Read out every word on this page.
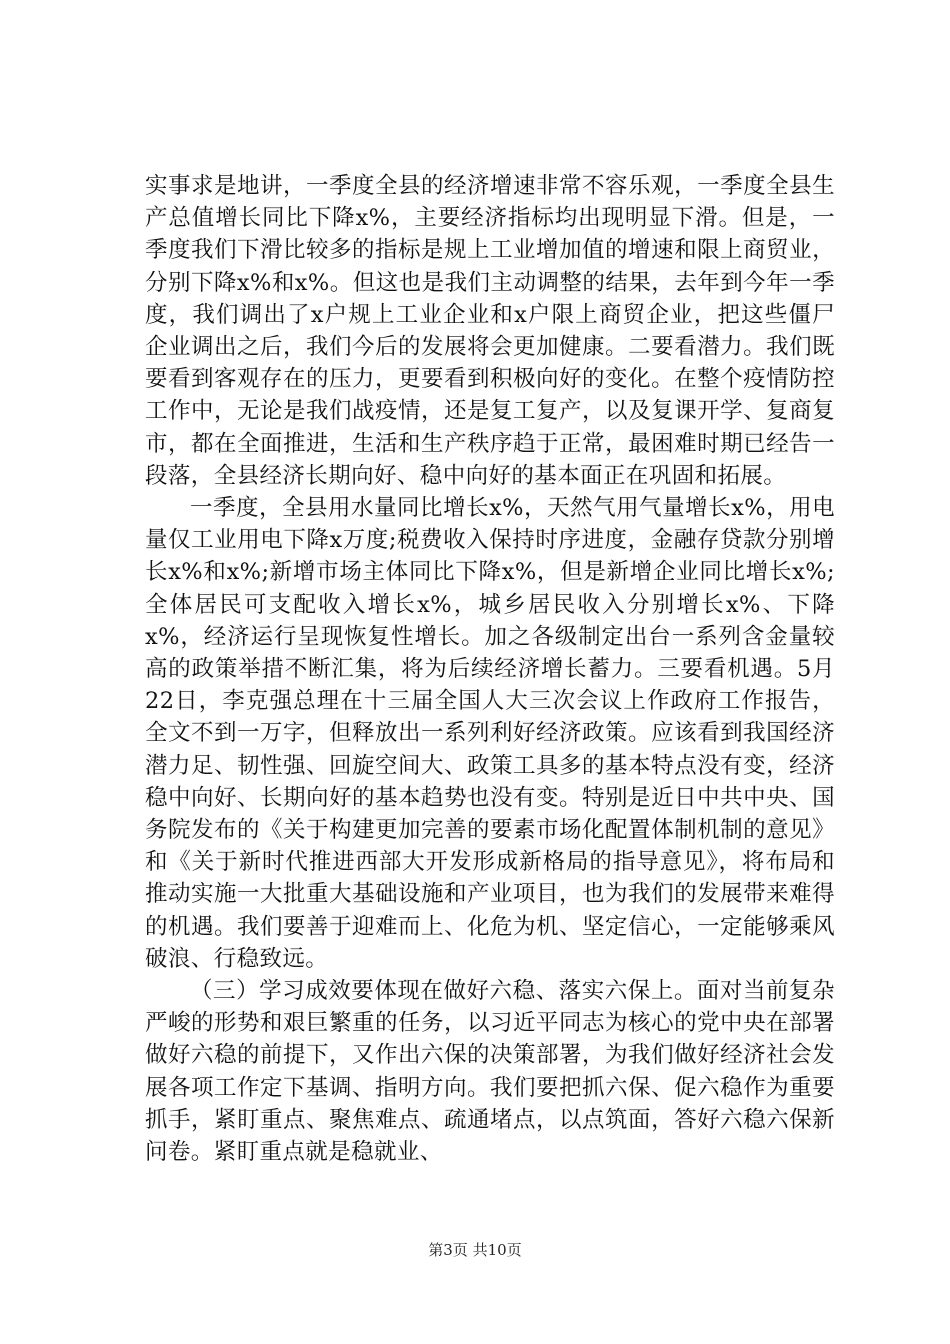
实事求是地讲，一季度全县的经济增速非常不容乐观，一季度全县生产总值增长同比下降x%，主要经济指标均出现明显下滑。但是，一季度我们下滑比较多的指标是规上工业增加值的增速和限上商贸业，分别下降x%和x%。但这也是我们主动调整的结果，去年到今年一季度，我们调出了x户规上工业企业和x户限上商贸企业，把这些僵尸企业调出之后，我们今后的发展将会更加健康。二要看潜力。我们既要看到客观存在的压力，更要看到积极向好的变化。在整个疫情防控工作中，无论是我们战疫情，还是复工复产，以及复课开学、复商复市，都在全面推进，生活和生产秩序趋于正常，最困难时期已经告一段落，全县经济长期向好、稳中向好的基本面正在巩固和拓展。

一季度，全县用水量同比增长x%，天然气用气量增长x%，用电量仅工业用电下降x万度;税费收入保持时序进度，金融存贷款分别增长x%和x%;新增市场主体同比下降x%，但是新增企业同比增长x%;全体居民可支配收入增长x%，城乡居民收入分别增长x%、下降x%，经济运行呈现恢复性增长。加之各级制定出台一系列含金量较高的政策举措不断汇集，将为后续经济增长蓄力。三要看机遇。5月22日，李克强总理在十三届全国人大三次会议上作政府工作报告，全文不到一万字，但释放出一系列利好经济政策。应该看到我国经济潜力足、韧性强、回旋空间大、政策工具多的基本特点没有变，经济稳中向好、长期向好的基本趋势也没有变。特别是近日中共中央、国务院发布的《关于构建更加完善的要素市场化配置体制机制的意见》和《关于新时代推进西部大开发形成新格局的指导意见》，将布局和推动实施一大批重大基础设施和产业项目，也为我们的发展带来难得的机遇。我们要善于迎难而上、化危为机、坚定信心，一定能够乘风破浪、行稳致远。

（三）学习成效要体现在做好六稳、落实六保上。面对当前复杂严峻的形势和艰巨繁重的任务，以习近平同志为核心的党中央在部署做好六稳的前提下，又作出六保的决策部署，为我们做好经济社会发展各项工作定下基调、指明方向。我们要把抓六保、促六稳作为重要抓手，紧盯重点、聚焦难点、疏通堵点，以点筑面，答好六稳六保新问卷。紧盯重点就是稳就业、

第3页 共10页
